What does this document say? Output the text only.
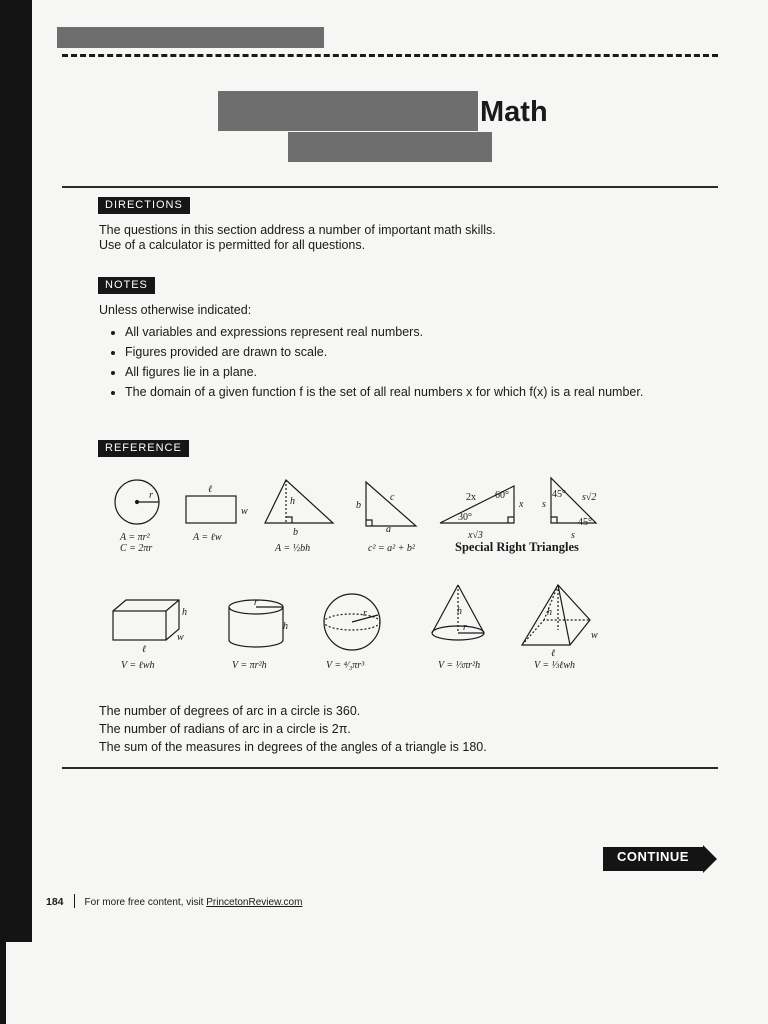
Math
DIRECTIONS
The questions in this section address a number of important math skills.
Use of a calculator is permitted for all questions.
NOTES
Unless otherwise indicated:
• All variables and expressions represent real numbers.
• Figures provided are drawn to scale.
• All figures lie in a plane.
• The domain of a given function f is the set of all real numbers x for which f(x) is a real number.
REFERENCE
r
ℓ
w
h
b
b
c
a
2x 60°
x
30°
x√3
45° s√2
s
45°
s
h
w
ℓ
r
h
r	h
r
h
w
ℓ
A = πr²
C = 2πr
A = ℓw
A = ½bh	c² = a² + b²	Special Right Triangles
V = ℓwh	V = πr²h	V = ⁴⁄₃πr³	V = ⅓πr²h	V = ⅓ℓwh
The number of degrees of arc in a circle is 360.
The number of radians of arc in a circle is 2π.
The sum of the measures in degrees of the angles of a triangle is 180.
CONTINUE
184 For more free content, visit PrincetonReview.com
